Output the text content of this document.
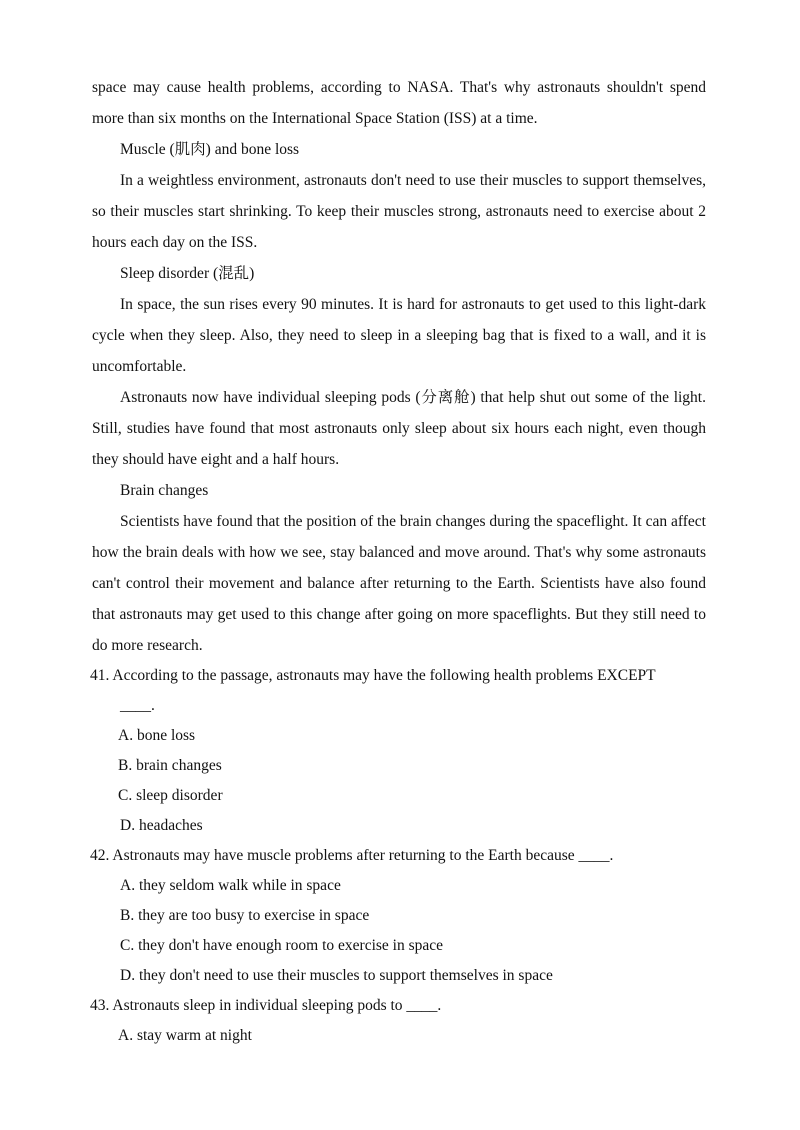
space may cause health problems, according to NASA. That's why astronauts shouldn't spend more than six months on the International Space Station (ISS) at a time.

Muscle (肌肉) and bone loss

In a weightless environment, astronauts don't need to use their muscles to support themselves, so their muscles start shrinking. To keep their muscles strong, astronauts need to exercise about 2 hours each day on the ISS.

Sleep disorder (混乱)

In space, the sun rises every 90 minutes. It is hard for astronauts to get used to this light-dark cycle when they sleep. Also, they need to sleep in a sleeping bag that is fixed to a wall, and it is uncomfortable.

Astronauts now have individual sleeping pods (分离舱) that help shut out some of the light. Still, studies have found that most astronauts only sleep about six hours each night, even though they should have eight and a half hours.

Brain changes

Scientists have found that the position of the brain changes during the spaceflight. It can affect how the brain deals with how we see, stay balanced and move around. That's why some astronauts can't control their movement and balance after returning to the Earth. Scientists have also found that astronauts may get used to this change after going on more spaceflights. But they still need to do more research.

41. According to the passage, astronauts may have the following health problems EXCEPT
____.
A. bone loss
B. brain changes
C. sleep disorder
D. headaches
42. Astronauts may have muscle problems after returning to the Earth because ____.
A. they seldom walk while in space
B. they are too busy to exercise in space
C. they don't have enough room to exercise in space
D. they don't need to use their muscles to support themselves in space
43. Astronauts sleep in individual sleeping pods to ____.
A. stay warm at night
